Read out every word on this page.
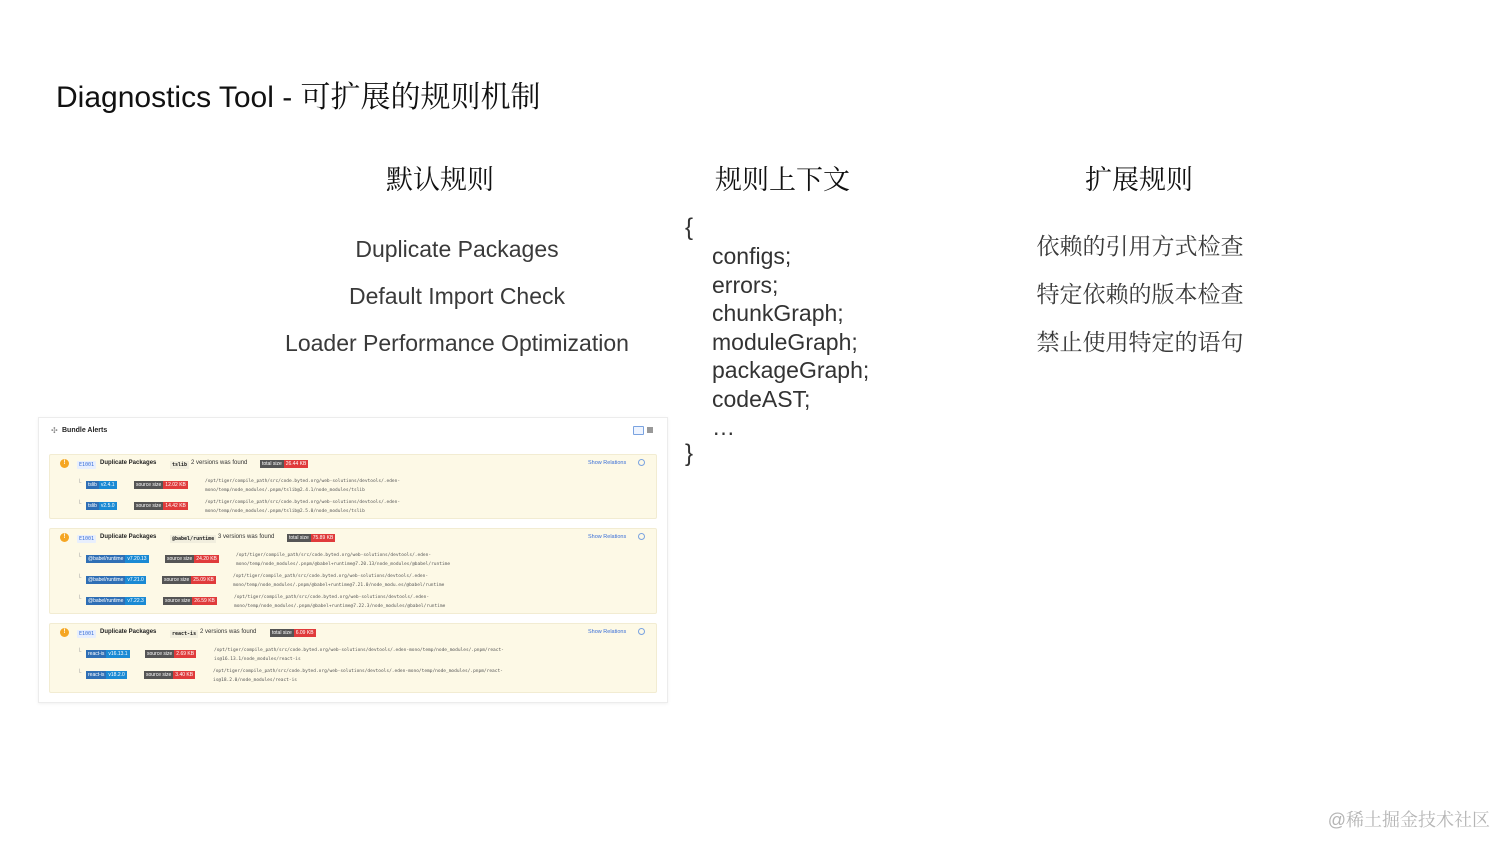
Diagnostics Tool - 可扩展的规则机制
默认规则	规则上下文	扩展规则
Duplicate Packages
Default Import Check
Loader Performance Optimization
{
configs;
errors;
chunkGraph;
moduleGraph;
packageGraph;
codeAST;
…
}
依赖的引用方式检查
特定依赖的版本检查
禁止使用特定的语句
✣ Bundle Alerts
!	E1001 Duplicate Packages	tslib 2 versions was found	total size 26.44 KB	Show Relations
└	tslib v2.4.1	source size 12.02 KB
/opt/tiger/compile_path/src/code.byted.org/web-solutions/devtools/.eden-
mono/temp/node_modules/.pnpm/tslib@2.4.1/node_modules/tslib
└	tslib v2.5.0	source size 14.42 KB
/opt/tiger/compile_path/src/code.byted.org/web-solutions/devtools/.eden-
mono/temp/node_modules/.pnpm/tslib@2.5.0/node_modules/tslib
!	E1001 Duplicate Packages	@babel/runtime 3 versions was found	total size 75.89 KB	Show Relations
└	@babel/runtime v7.20.13	source size 24.20 KB
/opt/tiger/compile_path/src/code.byted.org/web-solutions/devtools/.eden-
mono/temp/node_modules/.pnpm/@babel+runtime@7.20.13/node_modules/@babel/runtime
└	@babel/runtime v7.21.0	source size 25.09 KB
/opt/tiger/compile_path/src/code.byted.org/web-solutions/devtools/.eden-
mono/temp/node_modules/.pnpm/@babel+runtime@7.21.0/node_modu.es/@babel/runtime
└	@babel/runtime v7.22.3	source size 26.59 KB
/opt/tiger/compile_path/src/code.byted.org/web-solutions/devtools/.eden-
mono/temp/node_modules/.pnpm/@babel+runtime@7.22.3/node_modules/@babel/runtime
!	E1001 Duplicate Packages	react-is 2 versions was found	total size 6.09 KB	Show Relations
└	react-is v16.13.1	source size 2.69 KB
/opt/tiger/compile_path/src/code.byted.org/web-solutions/devtools/.eden-mono/temp/node_modules/.pnpm/react-
is@16.13.1/node_modules/react-is
└	react-is v18.2.0	source size 3.40 KB
/opt/tiger/compile_path/src/code.byted.org/web-solutions/devtools/.eden-mono/temp/node_modules/.pnpm/react-
is@18.2.0/node_modules/react-is
@稀土掘金技术社区
